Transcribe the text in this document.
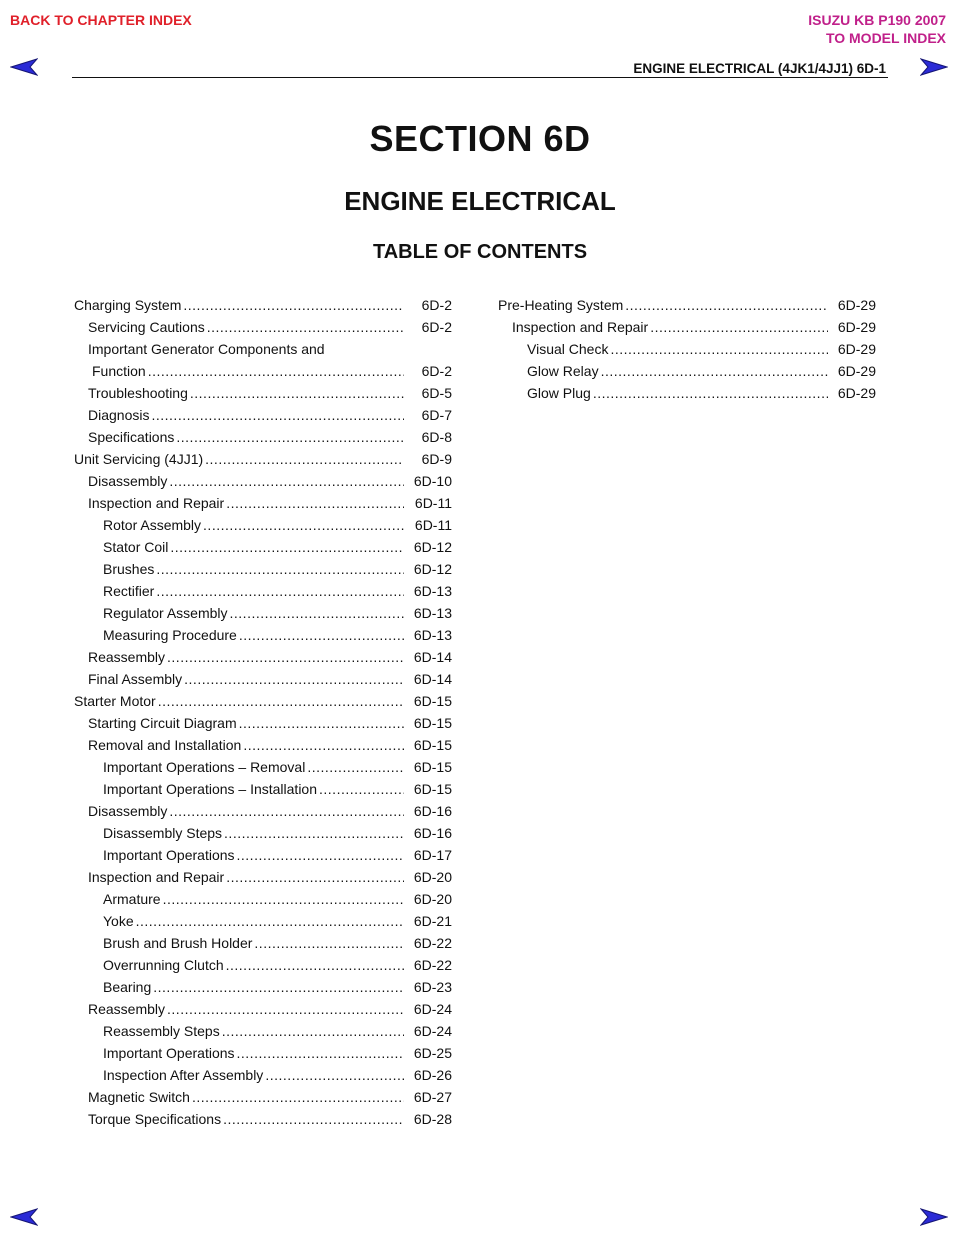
BACK TO CHAPTER INDEX	ISUZU KB P190 2007
TO MODEL INDEX
ENGINE ELECTRICAL (4JK1/4JJ1) 6D-1
SECTION 6D
ENGINE ELECTRICAL
TABLE OF CONTENTS
Charging System .....	6D-2
Servicing Cautions .....	6D-2
Important Generator Components and
Function .....	6D-2
Troubleshooting .....	6D-5
Diagnosis .....	6D-7
Specifications .....	6D-8
Unit Servicing (4JJ1) .....	6D-9
Disassembly .....	6D-10
Inspection and Repair .....	6D-11
Rotor Assembly .....	6D-11
Stator Coil .....	6D-12
Brushes .....	6D-12
Rectifier .....	6D-13
Regulator Assembly .....	6D-13
Measuring Procedure .....	6D-13
Reassembly .....	6D-14
Final Assembly .....	6D-14
Starter Motor .....	6D-15
Starting Circuit Diagram .....	6D-15
Removal and Installation .....	6D-15
Important Operations – Removal .....	6D-15
Important Operations – Installation .....	6D-15
Disassembly .....	6D-16
Disassembly Steps .....	6D-16
Important Operations .....	6D-17
Inspection and Repair .....	6D-20
Armature .....	6D-20
Yoke .....	6D-21
Brush and Brush Holder .....	6D-22
Overrunning Clutch .....	6D-22
Bearing .....	6D-23
Reassembly .....	6D-24
Reassembly Steps .....	6D-24
Important Operations .....	6D-25
Inspection After Assembly .....	6D-26
Magnetic Switch .....	6D-27
Torque Specifications .....	6D-28
Pre-Heating System .....	6D-29
Inspection and Repair .....	6D-29
Visual Check .....	6D-29
Glow Relay .....	6D-29
Glow Plug .....	6D-29
